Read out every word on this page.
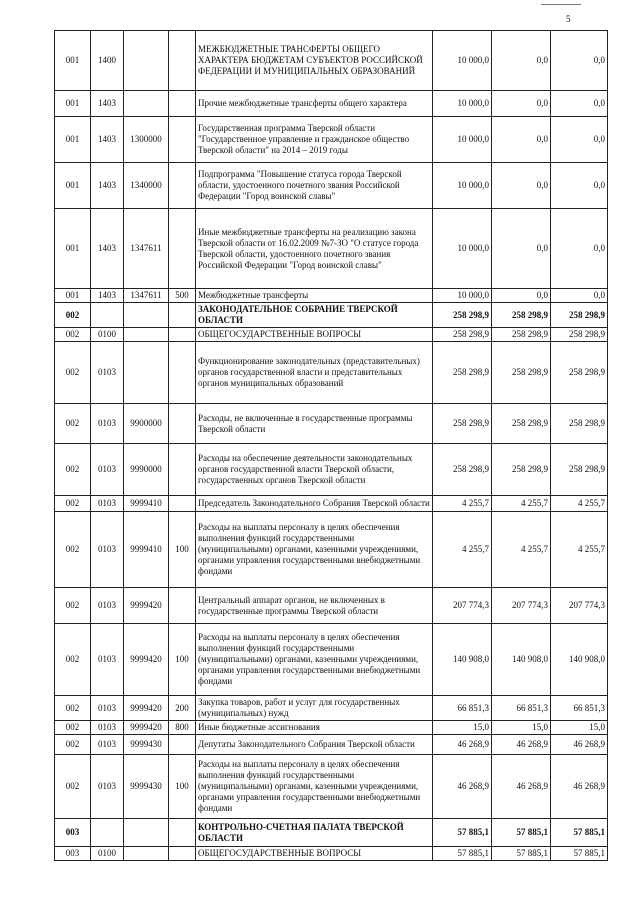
5
001	1400			МЕЖБЮДЖЕТНЫЕ ТРАНСФЕРТЫ ОБЩЕГО ХАРАКТЕРА БЮДЖЕТАМ СУБЪЕКТОВ РОССИЙСКОЙ ФЕДЕРАЦИИ И МУНИЦИПАЛЬНЫХ ОБРАЗОВАНИЙ	10 000,0	0,0	0,0
001	1403			Прочие межбюджетные трансферты общего характера	10 000,0	0,0	0,0
001	1403	1300000		Государственная программа Тверской области "Государственное управление и гражданское общество Тверской области" на 2014 – 2019 годы	10 000,0	0,0	0,0
001	1403	1340000		Подпрограмма "Повышение статуса города Тверской области, удостоенного почетного звания Российской Федерации "Город воинской славы"	10 000,0	0,0	0,0
001	1403	1347611		Иные межбюджетные трансферты на реализацию закона Тверской области от 16.02.2009 №7-ЗО "О статусе города Тверской области, удостоенного почетного звания Российской Федерации "Город воинской славы"	10 000,0	0,0	0,0
001	1403	1347611	500	Межбюджетные трансферты	10 000,0	0,0	0,0
002				ЗАКОНОДАТЕЛЬНОЕ СОБРАНИЕ ТВЕРСКОЙ ОБЛАСТИ	258 298,9	258 298,9	258 298,9
002	0100			ОБЩЕГОСУДАРСТВЕННЫЕ ВОПРОСЫ	258 298,9	258 298,9	258 298,9
002	0103			Функционирование законодательных (представительных) органов государственной власти и представительных органов муниципальных образований	258 298,9	258 298,9	258 298,9
002	0103	9900000		Расходы, не включенные в государственные программы Тверской области	258 298,9	258 298,9	258 298,9
002	0103	9990000		Расходы на обеспечение деятельности законодательных органов государственной власти Тверской области, государственных органов Тверской области	258 298,9	258 298,9	258 298,9
002	0103	9999410		Председатель Законодательного Собрания Тверской области	4 255,7	4 255,7	4 255,7
002	0103	9999410	100	Расходы на выплаты персоналу в целях обеспечения выполнения функций государственными (муниципальными) органами, казенными учреждениями, органами управления государственными внебюджетными фондами	4 255,7	4 255,7	4 255,7
002	0103	9999420		Центральный аппарат органов, не включенных в государственные программы Тверской области	207 774,3	207 774,3	207 774,3
002	0103	9999420	100	Расходы на выплаты персоналу в целях обеспечения выполнения функций государственными (муниципальными) органами, казенными учреждениями, органами управления государственными внебюджетными фондами	140 908,0	140 908,0	140 908,0
002	0103	9999420	200	Закупка товаров, работ и услуг для государственных (муниципальных) нужд	66 851,3	66 851,3	66 851,3
002	0103	9999420	800	Иные бюджетные ассигнования	15,0	15,0	15,0
002	0103	9999430		Депутаты Законодательного Собрания Тверской области	46 268,9	46 268,9	46 268,9
002	0103	9999430	100	Расходы на выплаты персоналу в целях обеспечения выполнения функций государственными (муниципальными) органами, казенными учреждениями, органами управления государственными внебюджетными фондами	46 268,9	46 268,9	46 268,9
003				КОНТРОЛЬНО-СЧЕТНАЯ ПАЛАТА ТВЕРСКОЙ ОБЛАСТИ	57 885,1	57 885,1	57 885,1
003	0100			ОБЩЕГОСУДАРСТВЕННЫЕ ВОПРОСЫ	57 885,1	57 885,1	57 885,1
